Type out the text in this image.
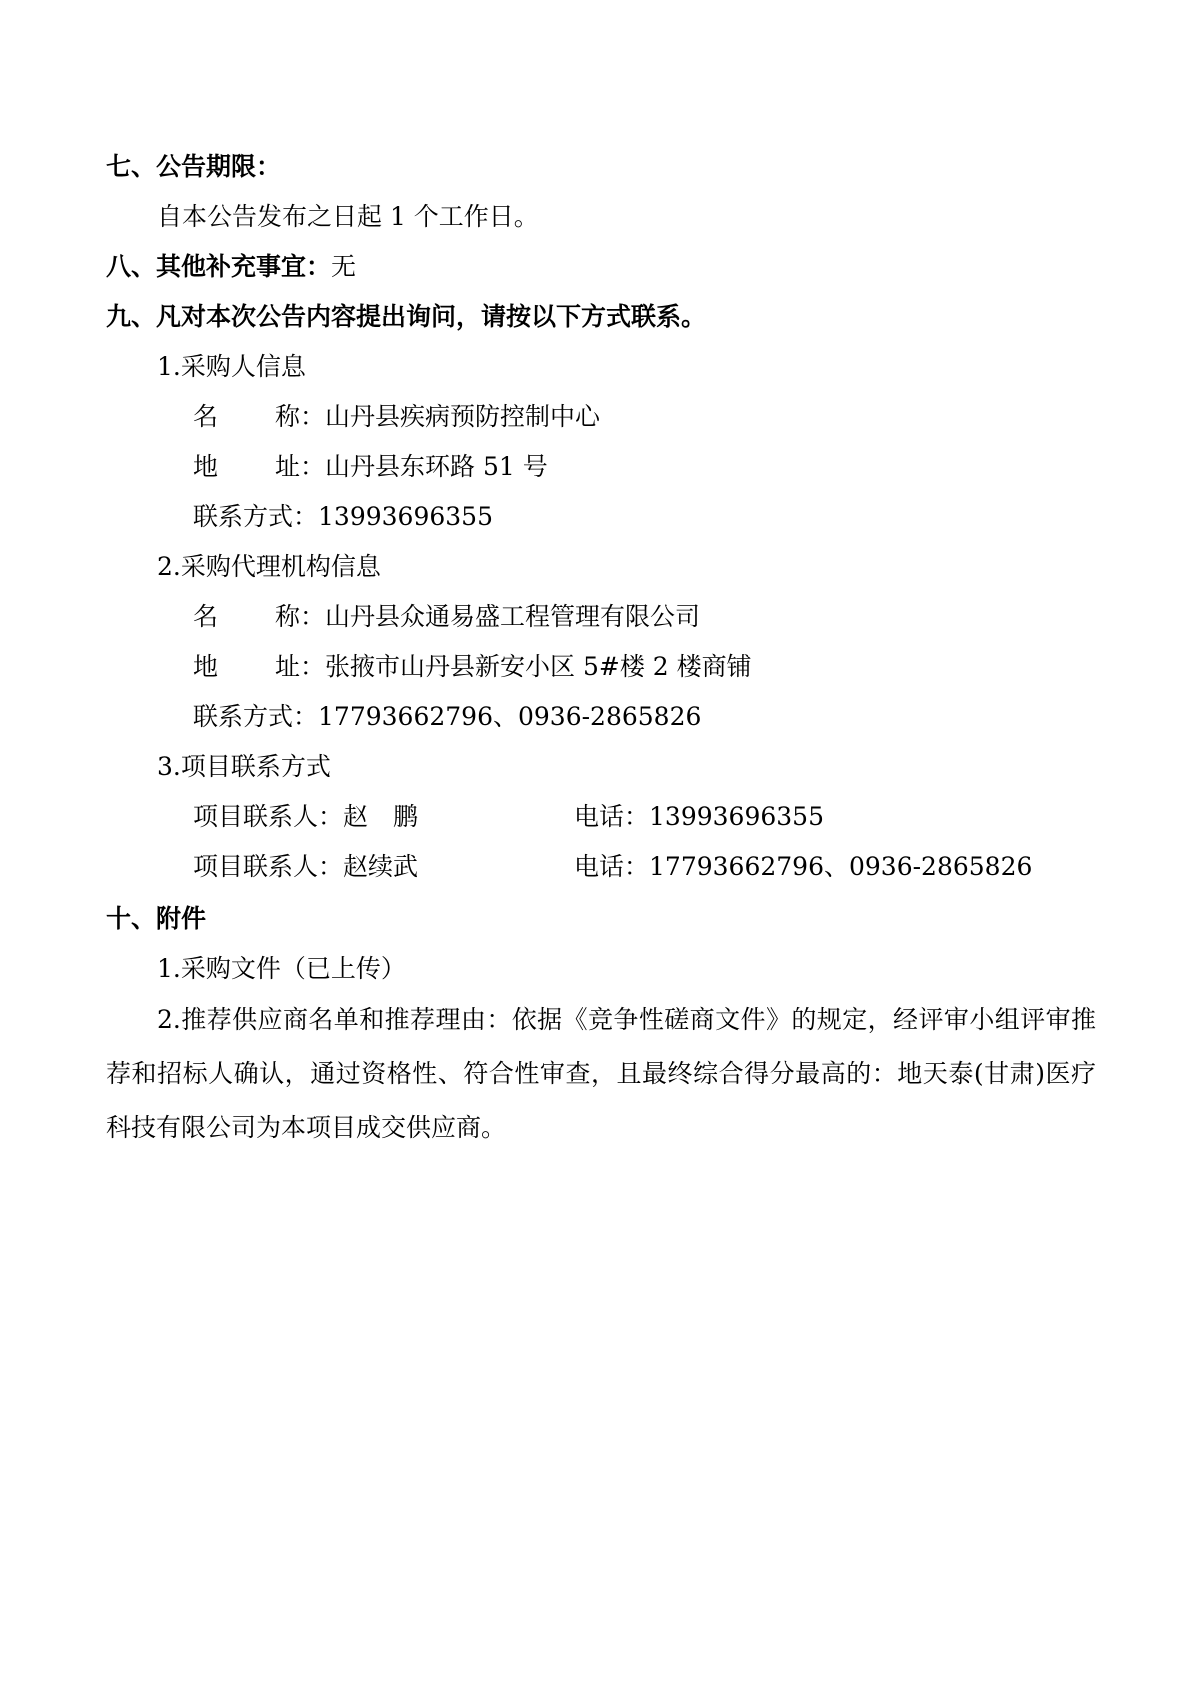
七、公告期限：
自本公告发布之日起 1 个工作日。
八、其他补充事宜：无
九、凡对本次公告内容提出询问，请按以下方式联系。
1.采购人信息
名 称：山丹县疾病预防控制中心
地 址：山丹县东环路 51 号
联系方式：13993696355
2.采购代理机构信息
名 称：山丹县众通易盛工程管理有限公司
地 址：张掖市山丹县新安小区 5#楼 2 楼商铺
联系方式：17793662796、0936-2865826
3.项目联系方式
项目联系人：赵　鹏	电话：13993696355
项目联系人：赵续武	电话：17793662796、0936-2865826
十、附件
1.采购文件（已上传）
2.推荐供应商名单和推荐理由：依据《竞争性磋商文件》的规定，经评审小组评审推荐和招标人确认，通过资格性、符合性审查，且最终综合得分最高的：地天泰(甘肃)医疗科技有限公司为本项目成交供应商。
